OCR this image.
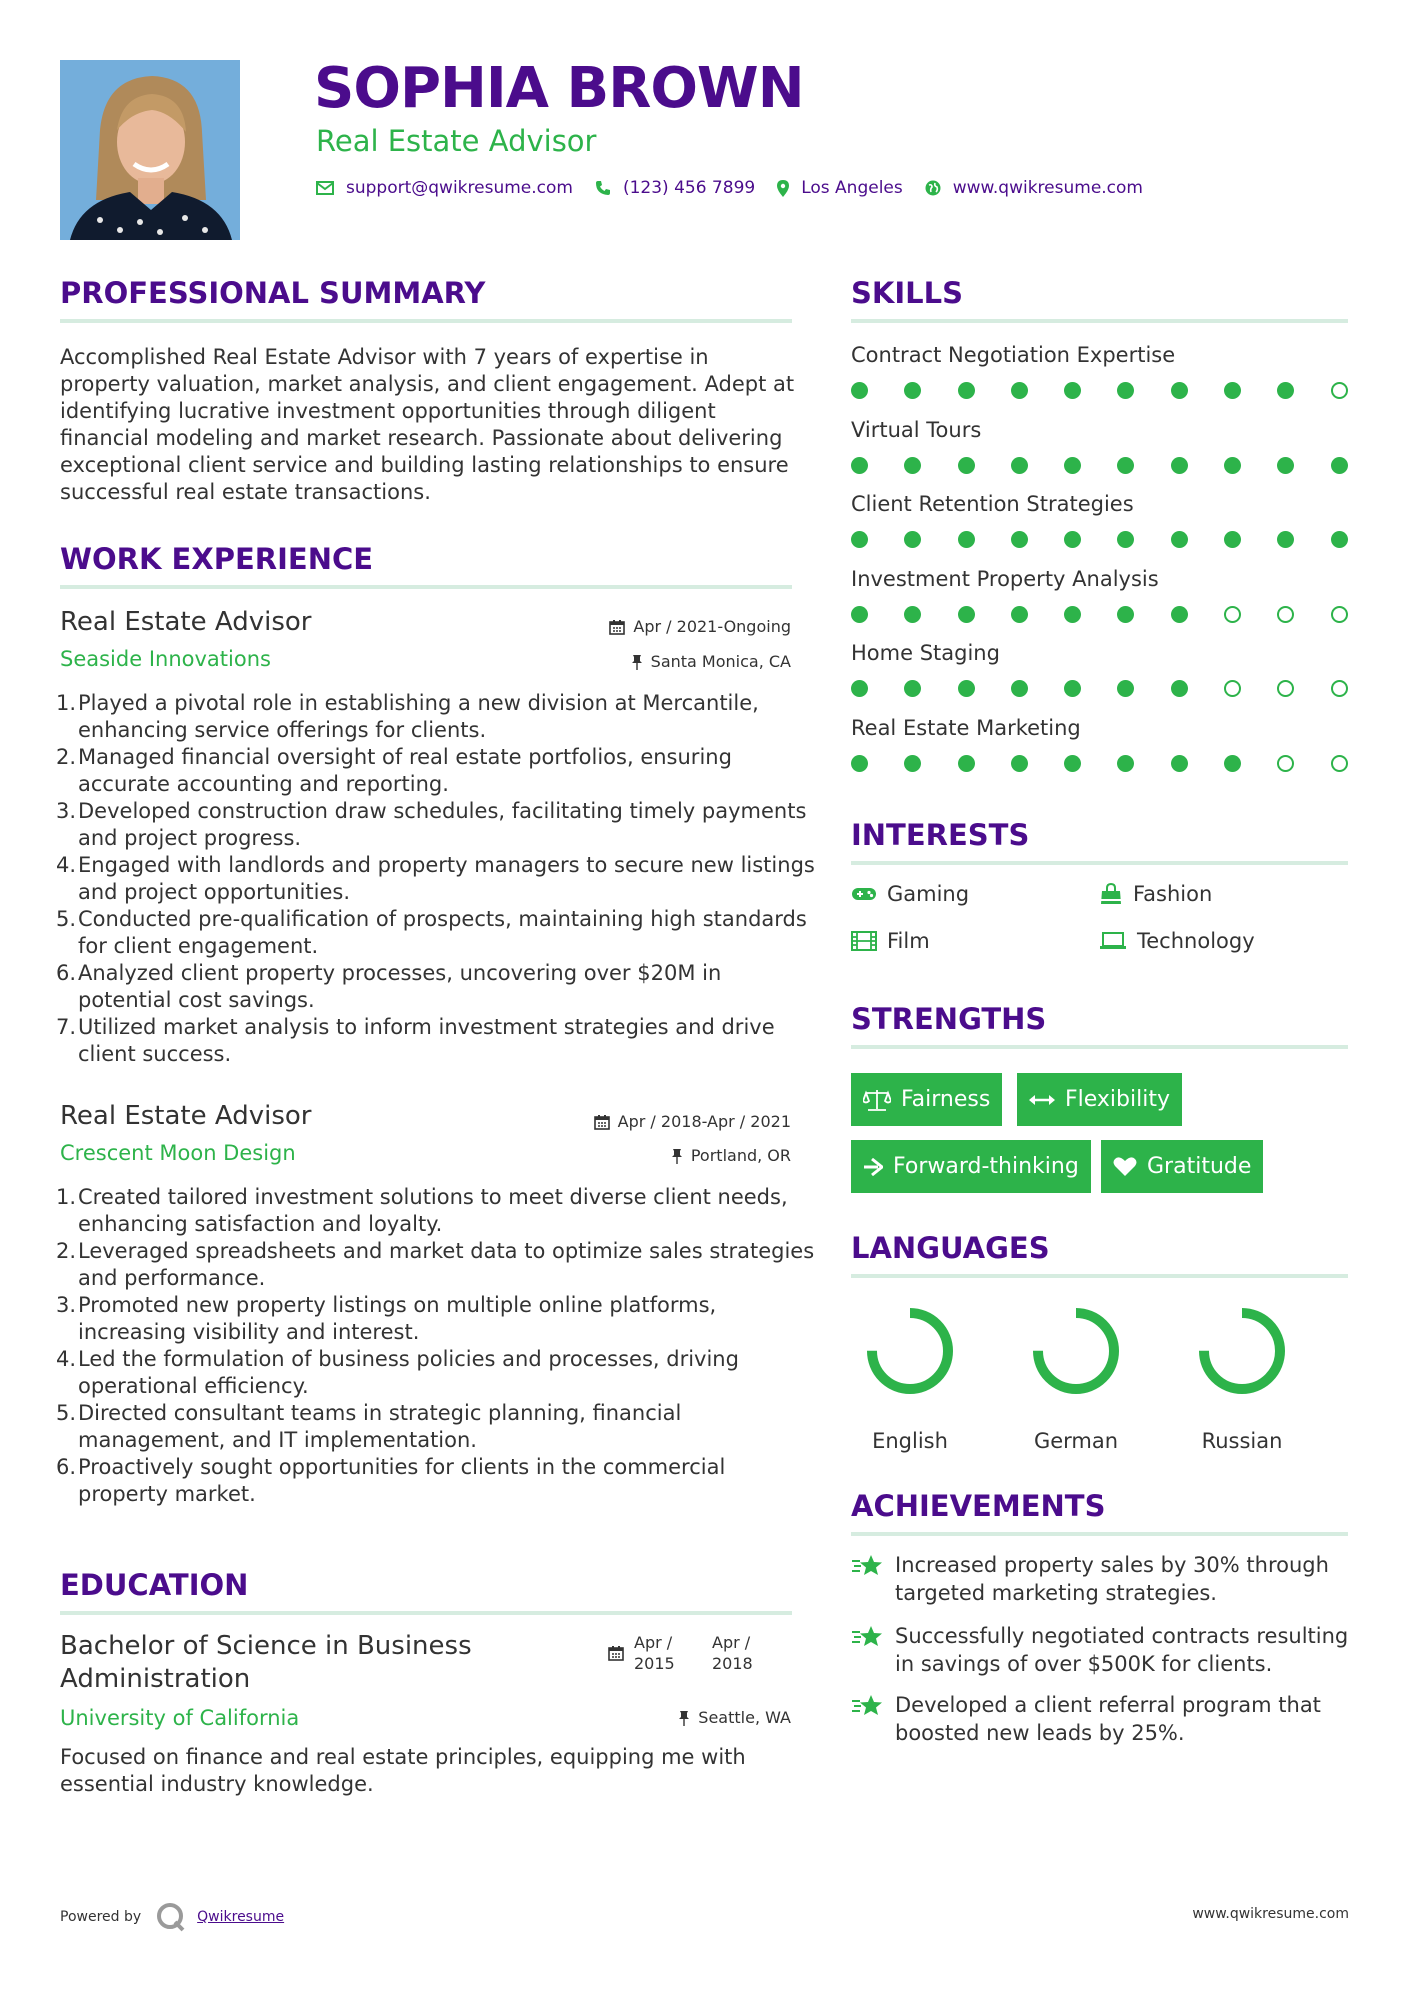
SOPHIA BROWN
Real Estate Advisor
support@qwikresume.com	(123) 456 7899	Los Angeles	www.qwikresume.com
PROFESSIONAL SUMMARY
Accomplished Real Estate Advisor with 7 years of expertise in property valuation, market analysis, and client engagement. Adept at identifying lucrative investment opportunities through diligent financial modeling and market research. Passionate about delivering exceptional client service and building lasting relationships to ensure successful real estate transactions.
WORK EXPERIENCE
Real Estate Advisor
Seaside Innovations
Apr / 2021-Ongoing
Santa Monica, CA
1. Played a pivotal role in establishing a new division at Mercantile, enhancing service offerings for clients.
2. Managed financial oversight of real estate portfolios, ensuring accurate accounting and reporting.
3. Developed construction draw schedules, facilitating timely payments and project progress.
4. Engaged with landlords and property managers to secure new listings and project opportunities.
5. Conducted pre-qualification of prospects, maintaining high standards for client engagement.
6. Analyzed client property processes, uncovering over $20M in potential cost savings.
7. Utilized market analysis to inform investment strategies and drive client success.
Real Estate Advisor
Crescent Moon Design
Apr / 2018-Apr / 2021
Portland, OR
1. Created tailored investment solutions to meet diverse client needs, enhancing satisfaction and loyalty.
2. Leveraged spreadsheets and market data to optimize sales strategies and performance.
3. Promoted new property listings on multiple online platforms, increasing visibility and interest.
4. Led the formulation of business policies and processes, driving operational efficiency.
5. Directed consultant teams in strategic planning, financial management, and IT implementation.
6. Proactively sought opportunities for clients in the commercial property market.
EDUCATION
Bachelor of Science in Business Administration
Apr /
2015
Apr /
2018
University of California	Seattle, WA
Focused on finance and real estate principles, equipping me with essential industry knowledge.
SKILLS
Contract Negotiation Expertise
Virtual Tours
Client Retention Strategies
Investment Property Analysis
Home Staging
Real Estate Marketing
INTERESTS
Gaming	Fashion
Film	Technology
STRENGTHS
Fairness	Flexibility
Forward-thinking	Gratitude
LANGUAGES
English	German	Russian
ACHIEVEMENTS
Increased property sales by 30% through targeted marketing strategies.
Successfully negotiated contracts resulting in savings of over $500K for clients.
Developed a client referral program that boosted new leads by 25%.
Powered by	Qwikresume	www.qwikresume.com
